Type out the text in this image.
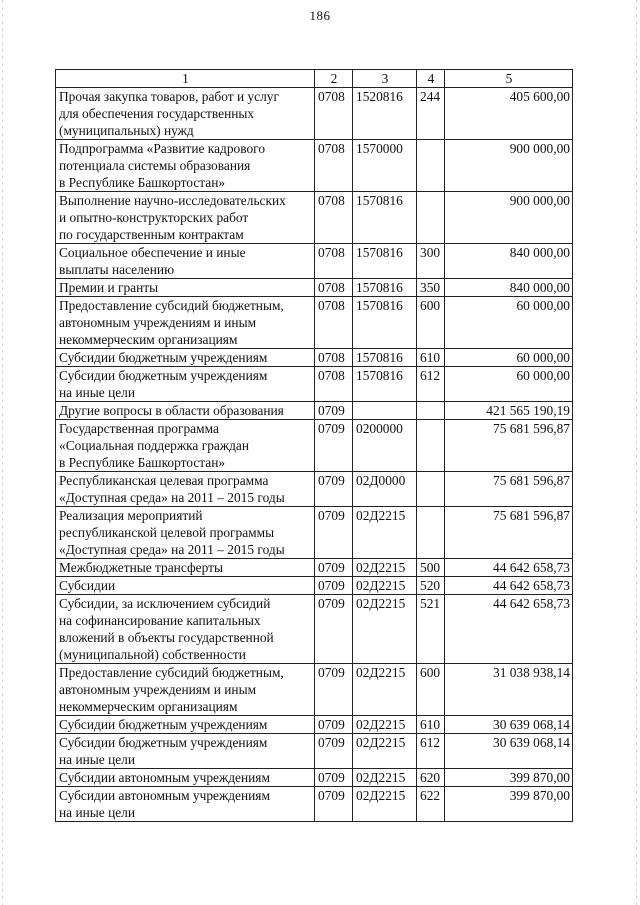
186
1	2	3	4	5
Прочая закупка товаров, работ и услуг
для обеспечения государственных
(муниципальных) нужд	0708	1520816	244	405 600,00
Подпрограмма «Развитие кадрового
потенциала системы образования
в Республике Башкортостан»	0708	1570000		900 000,00
Выполнение научно-исследовательских
и опытно-конструкторских работ
по государственным контрактам	0708	1570816		900 000,00
Социальное обеспечение и иные
выплаты населению	0708	1570816	300	840 000,00
Премии и гранты	0708	1570816	350	840 000,00
Предоставление субсидий бюджетным,
автономным учреждениям и иным
некоммерческим организациям	0708	1570816	600	60 000,00
Субсидии бюджетным учреждениям	0708	1570816	610	60 000,00
Субсидии бюджетным учреждениям
на иные цели	0708	1570816	612	60 000,00
Другие вопросы в области образования	0709			421 565 190,19
Государственная программа
«Социальная поддержка граждан
в Республике Башкортостан»	0709	0200000		75 681 596,87
Республиканская целевая программа
«Доступная среда» на 2011 – 2015 годы	0709	02Д0000		75 681 596,87
Реализация мероприятий
республиканской целевой программы
«Доступная среда» на 2011 – 2015 годы	0709	02Д2215		75 681 596,87
Межбюджетные трансферты	0709	02Д2215	500	44 642 658,73
Субсидии	0709	02Д2215	520	44 642 658,73
Субсидии, за исключением субсидий
на софинансирование капитальных
вложений в объекты государственной
(муниципальной) собственности	0709	02Д2215	521	44 642 658,73
Предоставление субсидий бюджетным,
автономным учреждениям и иным
некоммерческим организациям	0709	02Д2215	600	31 038 938,14
Субсидии бюджетным учреждениям	0709	02Д2215	610	30 639 068,14
Субсидии бюджетным учреждениям
на иные цели	0709	02Д2215	612	30 639 068,14
Субсидии автономным учреждениям	0709	02Д2215	620	399 870,00
Субсидии автономным учреждениям
на иные цели	0709	02Д2215	622	399 870,00
